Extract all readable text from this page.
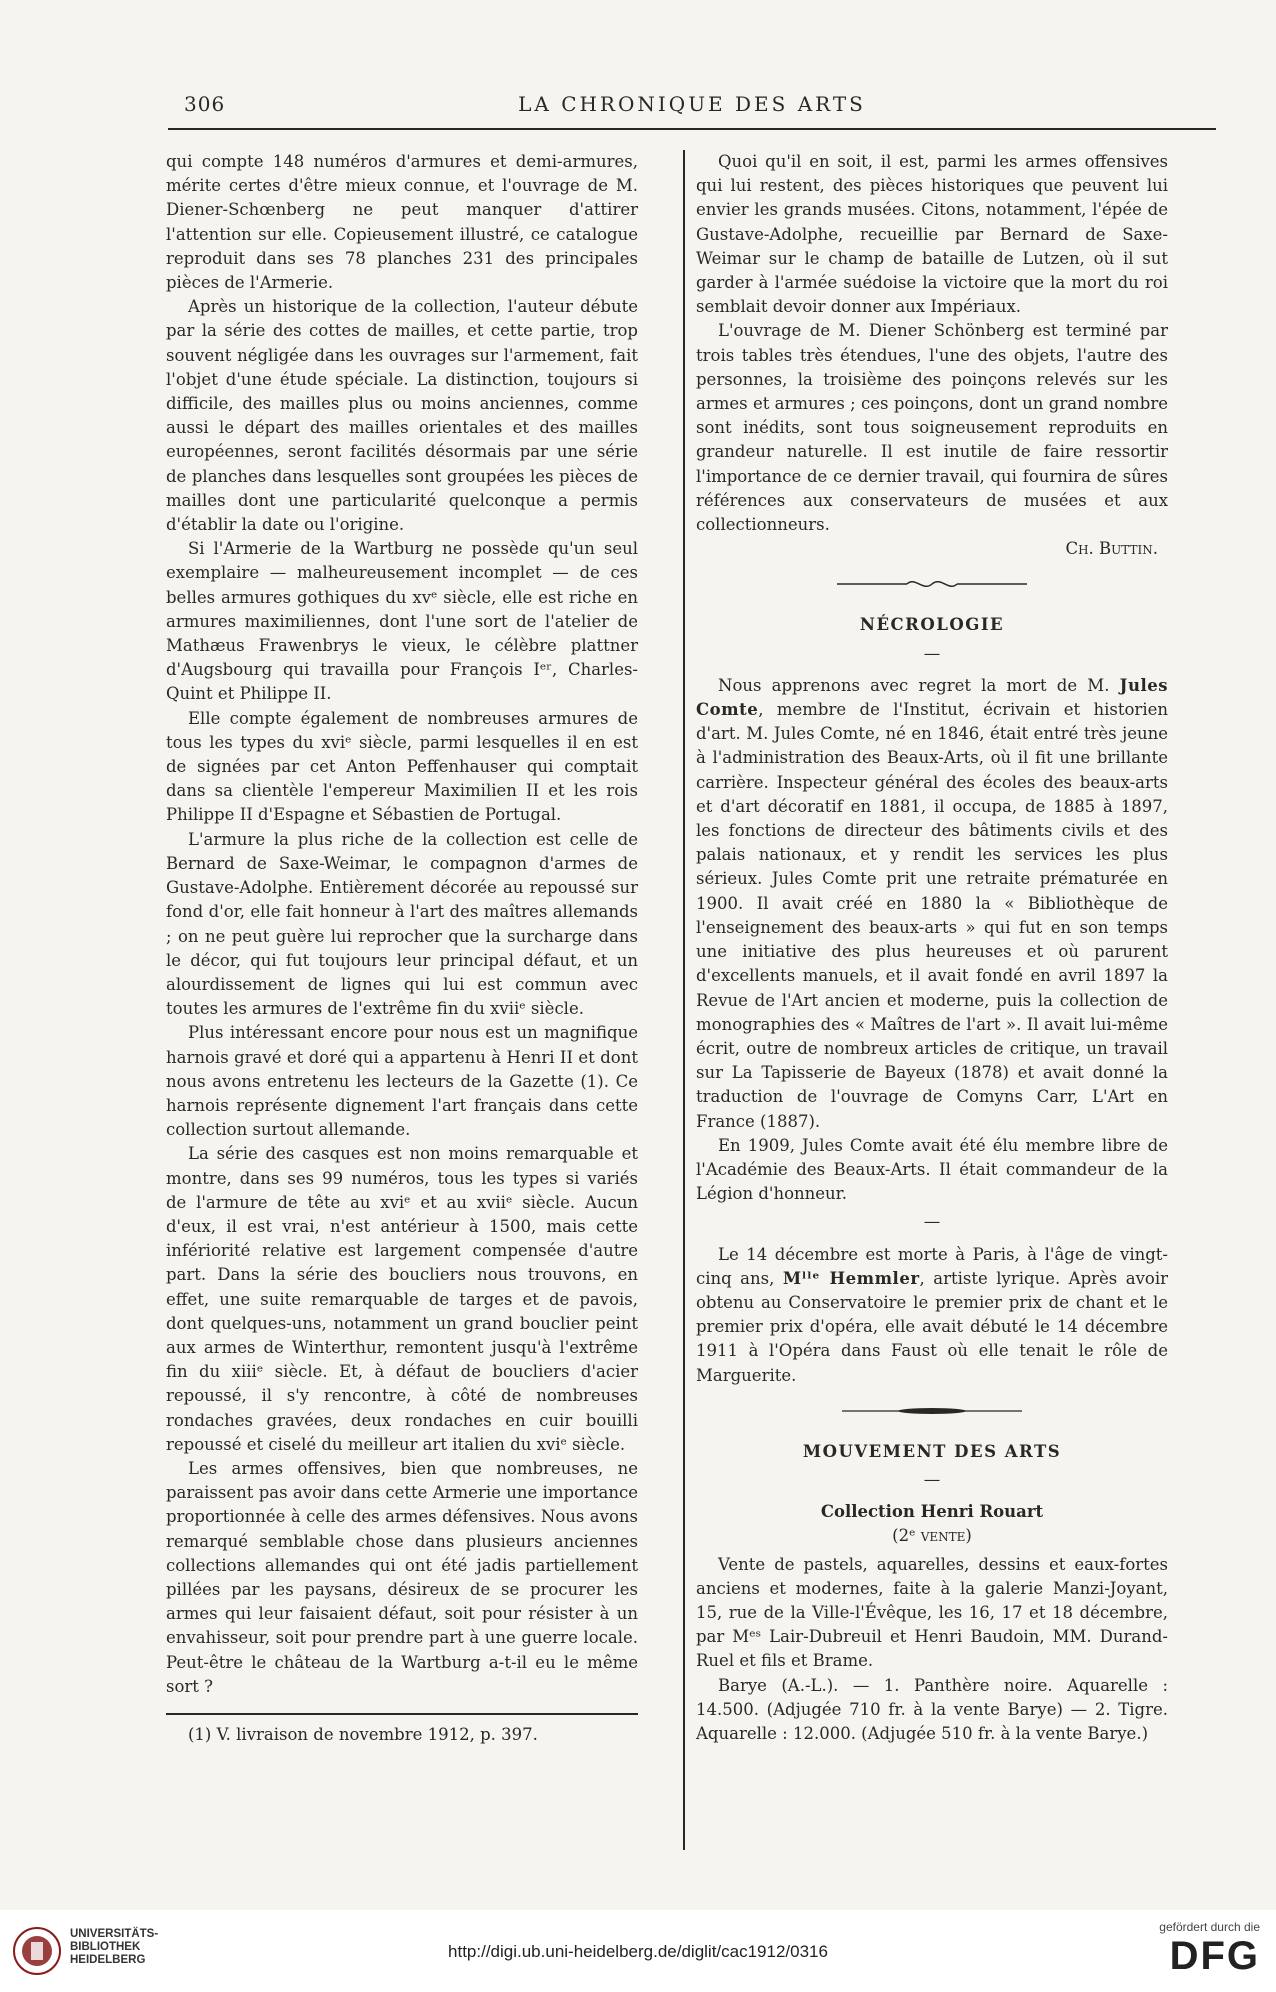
306	LA CHRONIQUE DES ARTS

qui compte 148 numéros d'armures et demi-armures, mérite certes d'être mieux connue, et l'ouvrage de M. Diener-Schœnberg ne peut manquer d'attirer l'attention sur elle. Copieusement illustré, ce catalogue reproduit dans ses 78 planches 231 des principales pièces de l'Armerie.

Après un historique de la collection, l'auteur débute par la série des cottes de mailles, et cette partie, trop souvent négligée dans les ouvrages sur l'armement, fait l'objet d'une étude spéciale. La distinction, toujours si difficile, des mailles plus ou moins anciennes, comme aussi le départ des mailles orientales et des mailles européennes, seront facilités désormais par une série de planches dans lesquelles sont groupées les pièces de mailles dont une particularité quelconque a permis d'établir la date ou l'origine.

Si l'Armerie de la Wartburg ne possède qu'un seul exemplaire — malheureusement incomplet — de ces belles armures gothiques du xvᵉ siècle, elle est riche en armures maximiliennes, dont l'une sort de l'atelier de Mathæus Frawenbrys le vieux, le célèbre plattner d'Augsbourg qui travailla pour François Iᵉʳ, Charles-Quint et Philippe II.

Elle compte également de nombreuses armures de tous les types du xviᵉ siècle, parmi lesquelles il en est de signées par cet Anton Peffenhauser qui comptait dans sa clientèle l'empereur Maximilien II et les rois Philippe II d'Espagne et Sébastien de Portugal.

L'armure la plus riche de la collection est celle de Bernard de Saxe-Weimar, le compagnon d'armes de Gustave-Adolphe. Entièrement décorée au repoussé sur fond d'or, elle fait honneur à l'art des maîtres allemands ; on ne peut guère lui reprocher que la surcharge dans le décor, qui fut toujours leur principal défaut, et un alourdissement de lignes qui lui est commun avec toutes les armures de l'extrême fin du xviiᵉ siècle.

Plus intéressant encore pour nous est un magnifique harnois gravé et doré qui a appartenu à Henri II et dont nous avons entretenu les lecteurs de la Gazette (1). Ce harnois représente dignement l'art français dans cette collection surtout allemande.

La série des casques est non moins remarquable et montre, dans ses 99 numéros, tous les types si variés de l'armure de tête au xviᵉ et au xviiᵉ siècle. Aucun d'eux, il est vrai, n'est antérieur à 1500, mais cette infériorité relative est largement compensée d'autre part. Dans la série des boucliers nous trouvons, en effet, une suite remarquable de targes et de pavois, dont quelques-uns, notamment un grand bouclier peint aux armes de Winterthur, remontent jusqu'à l'extrême fin du xiiiᵉ siècle. Et, à défaut de boucliers d'acier repoussé, il s'y rencontre, à côté de nombreuses rondaches gravées, deux rondaches en cuir bouilli repoussé et ciselé du meilleur art italien du xviᵉ siècle.

Les armes offensives, bien que nombreuses, ne paraissent pas avoir dans cette Armerie une importance proportionnée à celle des armes défensives. Nous avons remarqué semblable chose dans plusieurs anciennes collections allemandes qui ont été jadis partiellement pillées par les paysans, désireux de se procurer les armes qui leur faisaient défaut, soit pour résister à un envahisseur, soit pour prendre part à une guerre locale. Peut-être le château de la Wartburg a-t-il eu le même sort ?

(1) V. livraison de novembre 1912, p. 397.

Quoi qu'il en soit, il est, parmi les armes offensives qui lui restent, des pièces historiques que peuvent lui envier les grands musées. Citons, notamment, l'épée de Gustave-Adolphe, recueillie par Bernard de Saxe-Weimar sur le champ de bataille de Lutzen, où il sut garder à l'armée suédoise la victoire que la mort du roi semblait devoir donner aux Impériaux.

L'ouvrage de M. Diener Schönberg est terminé par trois tables très étendues, l'une des objets, l'autre des personnes, la troisième des poinçons relevés sur les armes et armures ; ces poinçons, dont un grand nombre sont inédits, sont tous soigneusement reproduits en grandeur naturelle. Il est inutile de faire ressortir l'importance de ce dernier travail, qui fournira de sûres références aux conservateurs de musées et aux collectionneurs.

Ch. Buttin.

NÉCROLOGIE
—

Nous apprenons avec regret la mort de M. Jules Comte, membre de l'Institut, écrivain et historien d'art. M. Jules Comte, né en 1846, était entré très jeune à l'administration des Beaux-Arts, où il fit une brillante carrière. Inspecteur général des écoles des beaux-arts et d'art décoratif en 1881, il occupa, de 1885 à 1897, les fonctions de directeur des bâtiments civils et des palais nationaux, et y rendit les services les plus sérieux. Jules Comte prit une retraite prématurée en 1900. Il avait créé en 1880 la « Bibliothèque de l'enseignement des beaux-arts » qui fut en son temps une initiative des plus heureuses et où parurent d'excellents manuels, et il avait fondé en avril 1897 la Revue de l'Art ancien et moderne, puis la collection de monographies des « Maîtres de l'art ». Il avait lui-même écrit, outre de nombreux articles de critique, un travail sur La Tapisserie de Bayeux (1878) et avait donné la traduction de l'ouvrage de Comyns Carr, L'Art en France (1887).

En 1909, Jules Comte avait été élu membre libre de l'Académie des Beaux-Arts. Il était commandeur de la Légion d'honneur.

—

Le 14 décembre est morte à Paris, à l'âge de vingt-cinq ans, Mˡˡᵉ Hemmler, artiste lyrique. Après avoir obtenu au Conservatoire le premier prix de chant et le premier prix d'opéra, elle avait débuté le 14 décembre 1911 à l'Opéra dans Faust où elle tenait le rôle de Marguerite.

MOUVEMENT DES ARTS
—
Collection Henri Rouart
(2ᵉ vente)

Vente de pastels, aquarelles, dessins et eaux-fortes anciens et modernes, faite à la galerie Manzi-Joyant, 15, rue de la Ville-l'Évêque, les 16, 17 et 18 décembre, par Mᵉˢ Lair-Dubreuil et Henri Baudoin, MM. Durand-Ruel et fils et Brame.

Barye (A.-L.). — 1. Panthère noire. Aquarelle : 14.500. (Adjugée 710 fr. à la vente Barye) — 2. Tigre. Aquarelle : 12.000. (Adjugée 510 fr. à la vente Barye.)

UNIVERSITÄTS-
BIBLIOTHEK
HEIDELBERG	http://digi.ub.uni-heidelberg.de/diglit/cac1912/0316
gefördert durch die
DFG
